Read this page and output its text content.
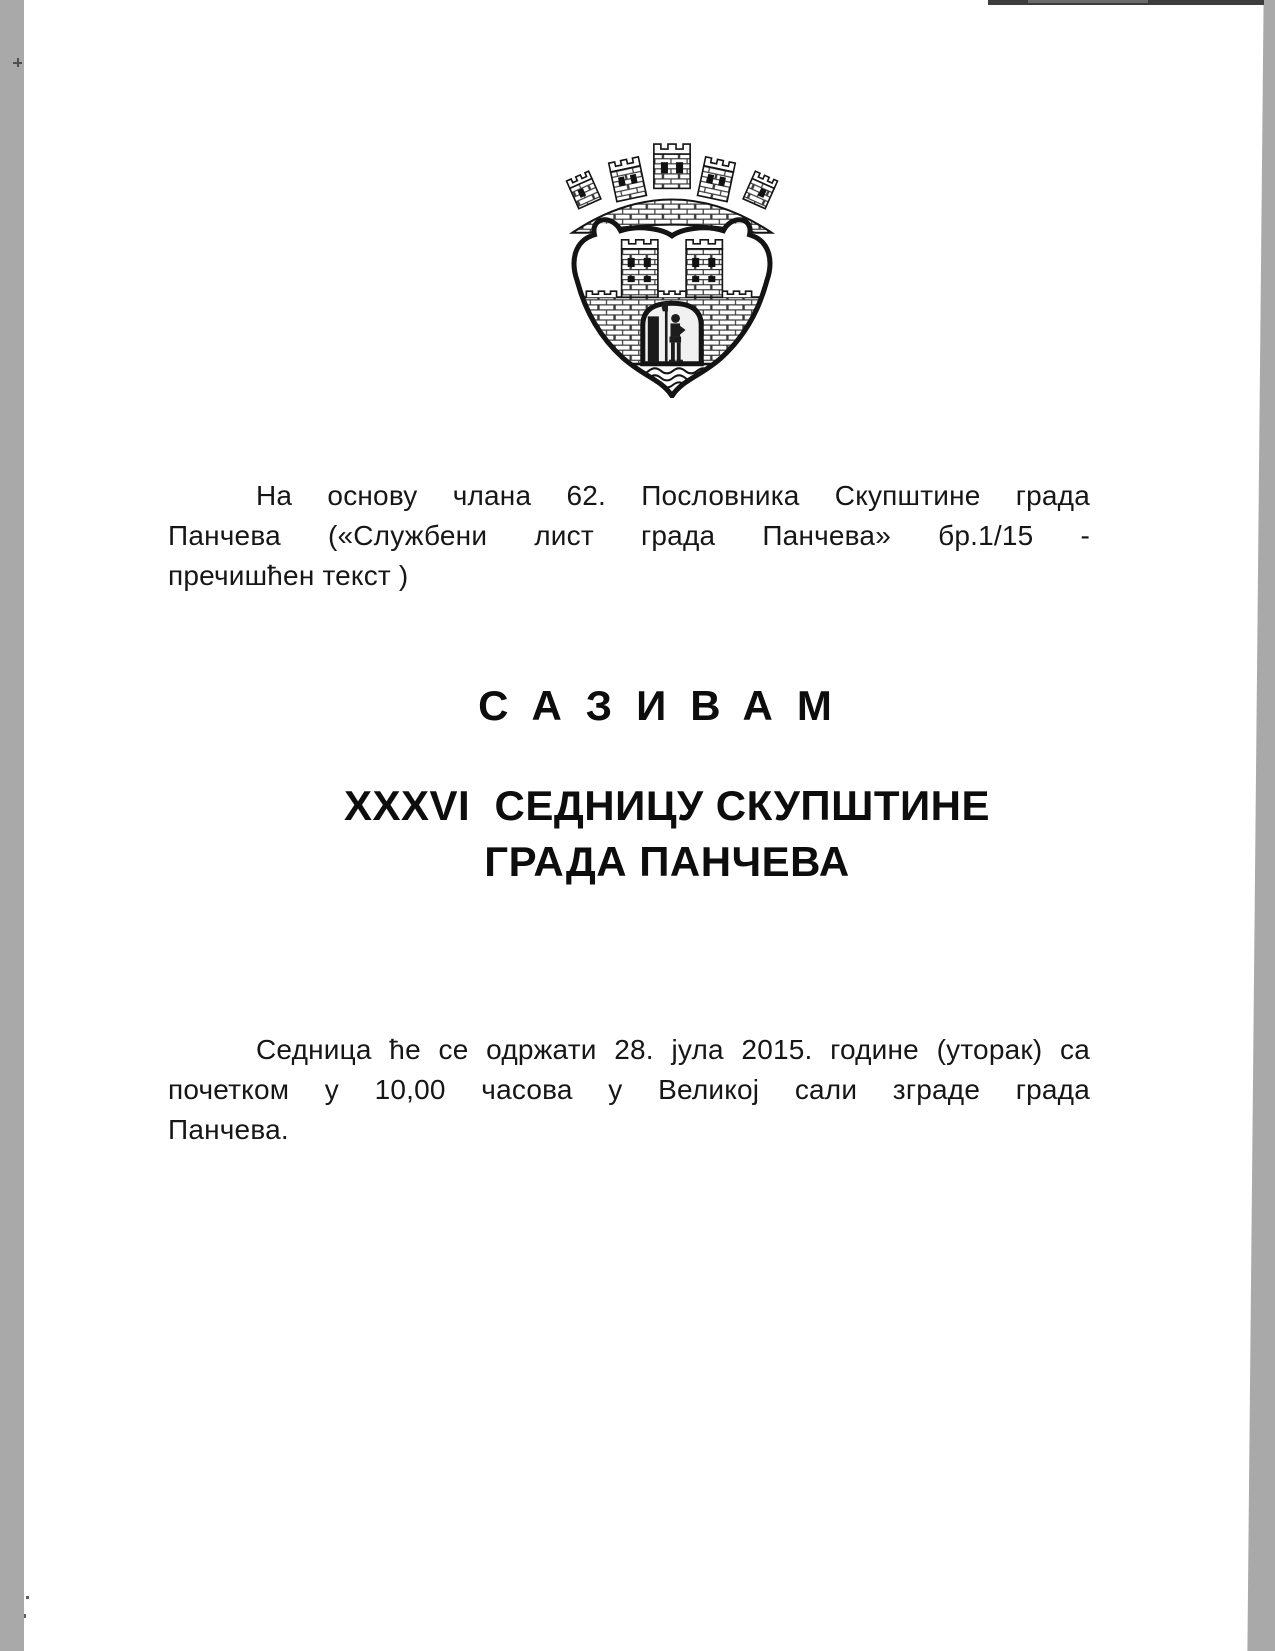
На основу члана 62. Пословника Скупштине града
Панчева («Службени лист града Панчева» бр.1/15 -
пречишћен текст )
САЗИВАМ
XXXVI  СЕДНИЦУ СКУПШТИНЕ
ГРАДА ПАНЧЕВА
Седница ће се одржати 28. јула 2015. године (уторак) са
почетком у 10,00 часова у Великој сали зграде града
Панчева.
